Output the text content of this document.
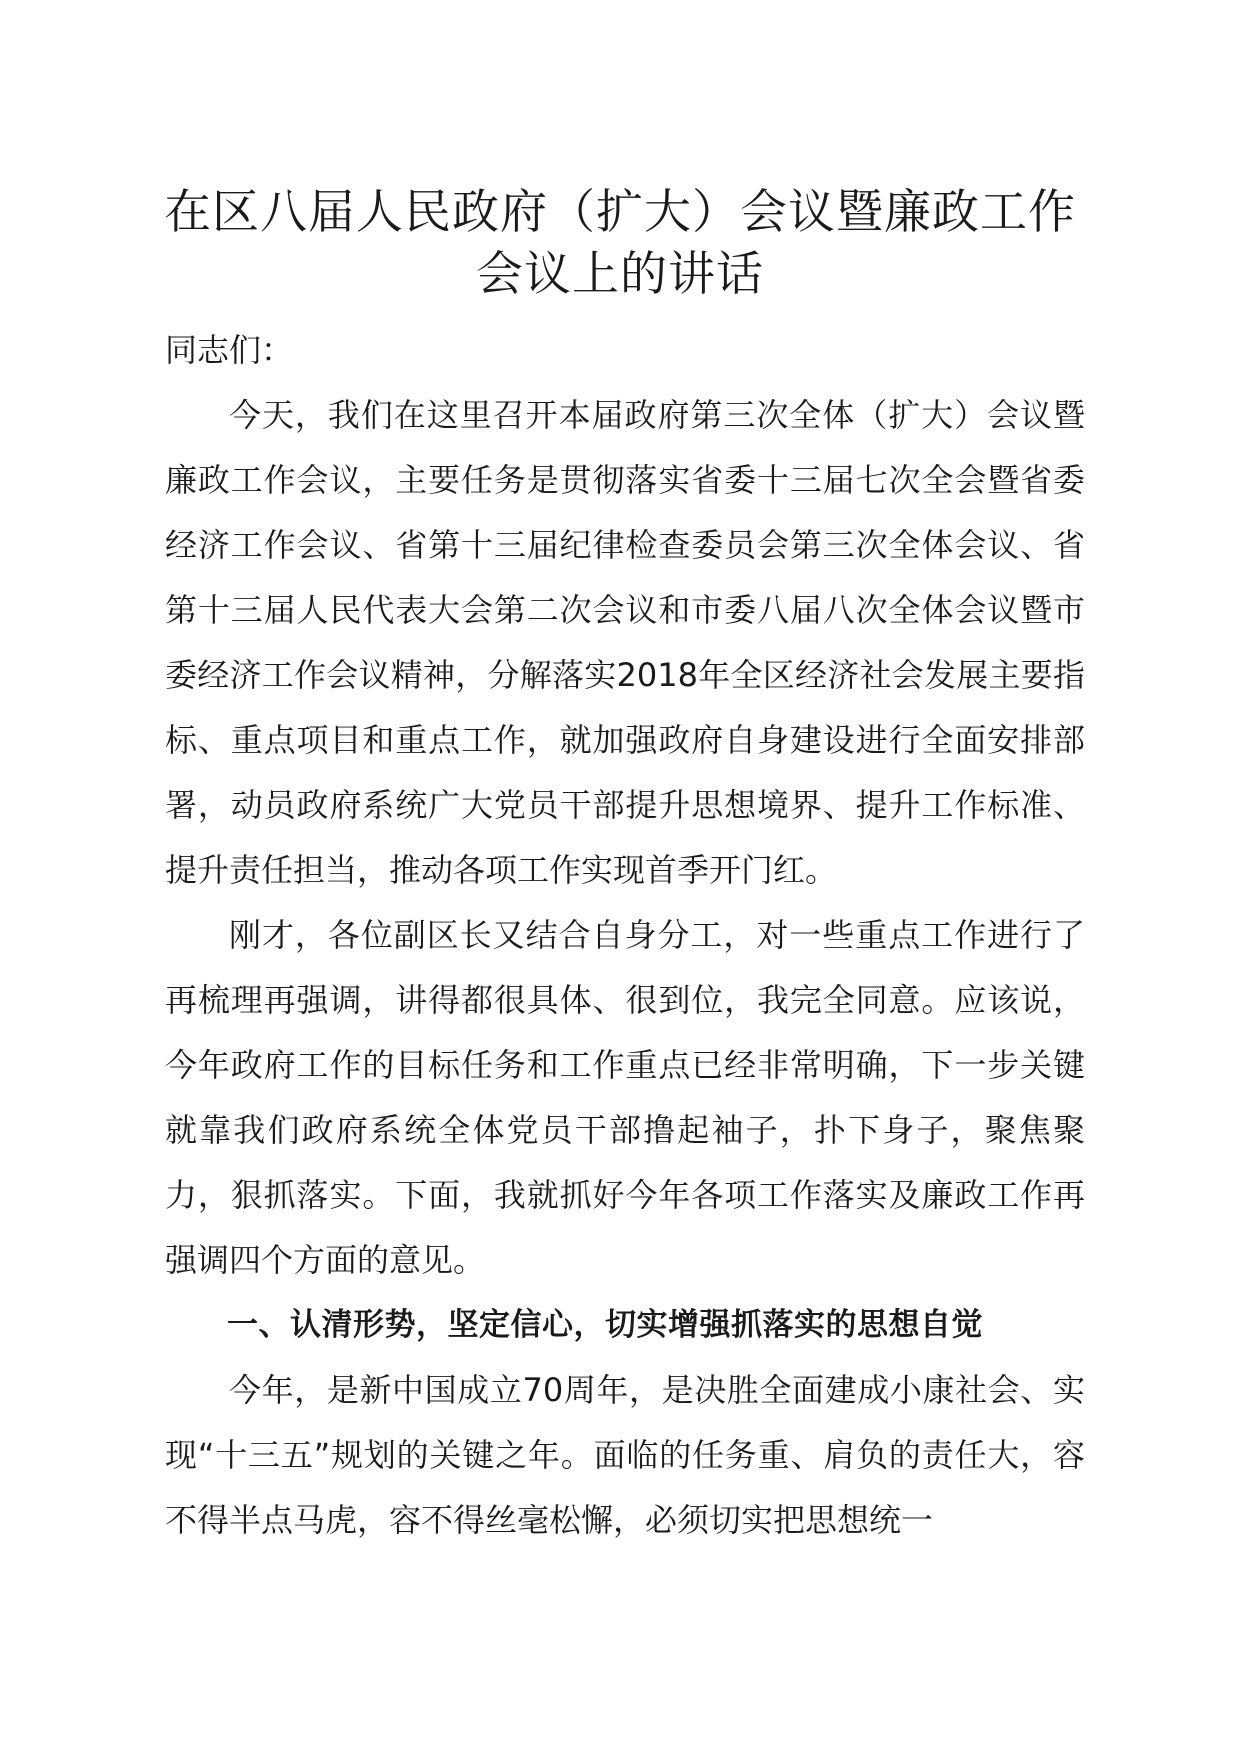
在区八届人民政府（扩大）会议暨廉政工作
会议上的讲话

同志们：

今天，我们在这里召开本届政府第三次全体（扩大）会议暨廉政工作会议，主要任务是贯彻落实省委十三届七次全会暨省委经济工作会议、省第十三届纪律检查委员会第三次全体会议、省第十三届人民代表大会第二次会议和市委八届八次全体会议暨市委经济工作会议精神，分解落实2018年全区经济社会发展主要指标、重点项目和重点工作，就加强政府自身建设进行全面安排部署，动员政府系统广大党员干部提升思想境界、提升工作标准、提升责任担当，推动各项工作实现首季开门红。

刚才，各位副区长又结合自身分工，对一些重点工作进行了再梳理再强调，讲得都很具体、很到位，我完全同意。应该说，今年政府工作的目标任务和工作重点已经非常明确，下一步关键就靠我们政府系统全体党员干部撸起袖子，扑下身子，聚焦聚力，狠抓落实。下面，我就抓好今年各项工作落实及廉政工作再强调四个方面的意见。

一、认清形势，坚定信心，切实增强抓落实的思想自觉

今年，是新中国成立70周年，是决胜全面建成小康社会、实现“十三五”规划的关键之年。面临的任务重、肩负的责任大，容不得半点马虎，容不得丝毫松懈，必须切实把思想统一
